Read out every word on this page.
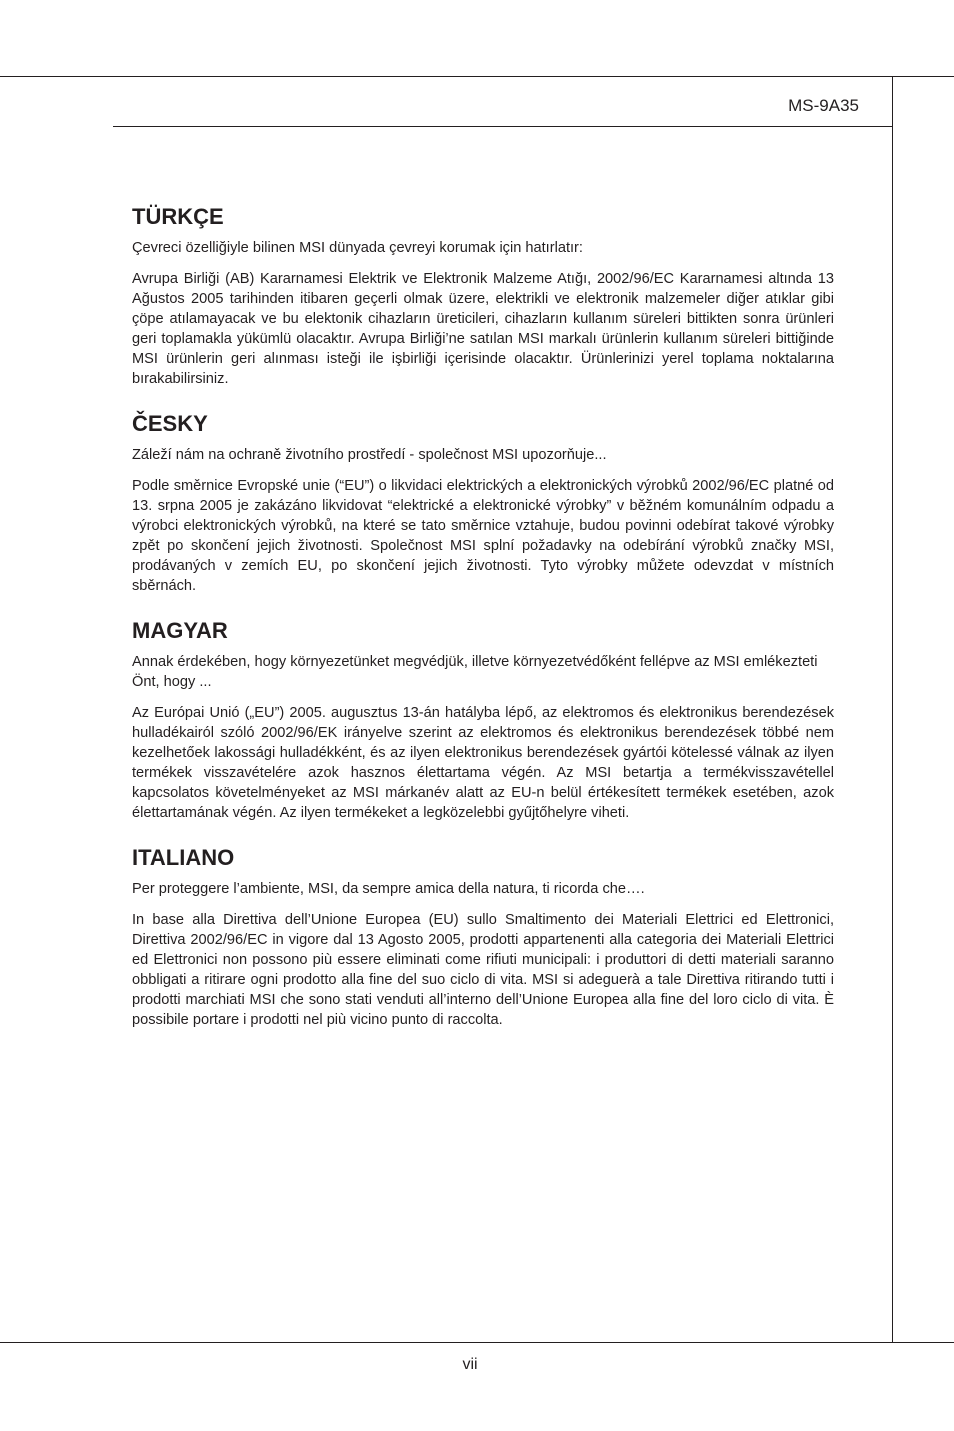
MS-9A35
TÜRKÇE

Çevreci özelliğiyle bilinen MSI dünyada çevreyi korumak için hatırlatır:

Avrupa Birliği (AB) Kararnamesi Elektrik ve Elektronik Malzeme Atığı, 2002/96/EC Kararnamesi altında 13 Ağustos 2005 tarihinden itibaren geçerli olmak üzere, elektrikli ve elektronik malzemeler diğer atıklar gibi çöpe atılamayacak ve bu elektonik cihazların üreticileri, cihazların kullanım süreleri bittikten sonra ürünleri geri toplamakla yükümlü olacaktır. Avrupa Birliği’ne satılan MSI markalı ürünlerin kullanım süreleri bittiğinde MSI ürünlerin geri alınması isteği ile işbirliği içerisinde olacaktır. Ürünlerinizi yerel toplama noktalarına bırakabilirsiniz.

ČESKY

Záleží nám na ochraně životního prostředí - společnost MSI upozorňuje...

Podle směrnice Evropské unie (“EU”) o likvidaci elektrických a elektronických výrobků 2002/96/EC platné od 13. srpna 2005 je zakázáno likvidovat “elektrické a elektronické výrobky” v běžném komunálním odpadu a výrobci elektronických výrobků, na které se tato směrnice vztahuje, budou povinni odebírat takové výrobky zpět po skončení jejich životnosti. Společnost MSI splní požadavky na odebírání výrobků značky MSI, prodávaných v zemích EU, po skončení jejich životnosti. Tyto výrobky můžete odevzdat v místních sběrnách.

MAGYAR

Annak érdekében, hogy környezetünket megvédjük, illetve környezetvédőként fellépve az MSI emlékezteti Önt, hogy ...

Az Európai Unió („EU”) 2005. augusztus 13-án hatályba lépő, az elektromos és elektronikus berendezések hulladékairól szóló 2002/96/EK irányelve szerint az elektromos és elektronikus berendezések többé nem kezelhetőek lakossági hulladékként, és az ilyen elektronikus berendezések gyártói kötelessé válnak az ilyen termékek visszavételére azok hasznos élettartama végén. Az MSI betartja a termékvisszavétellel kapcsolatos követelményeket az MSI márkanév alatt az EU-n belül értékesített termékek esetében, azok élettartamának végén. Az ilyen termékeket a legközelebbi gyűjtőhelyre viheti.

ITALIANO

Per proteggere l’ambiente, MSI, da sempre amica della natura, ti ricorda che….

In base alla Direttiva dell’Unione Europea (EU) sullo Smaltimento dei Materiali Elettrici ed Elettronici, Direttiva 2002/96/EC in vigore dal 13 Agosto 2005, prodotti appartenenti alla categoria dei Materiali Elettrici ed Elettronici non possono più essere eliminati come rifiuti municipali: i produttori di detti materiali saranno obbligati a ritirare ogni prodotto alla fine del suo ciclo di vita. MSI si adeguerà a tale Direttiva ritirando tutti i prodotti marchiati MSI che sono stati venduti all’interno dell’Unione Europea alla fine del loro ciclo di vita. È possibile portare i prodotti nel più vicino punto di raccolta.

vii
